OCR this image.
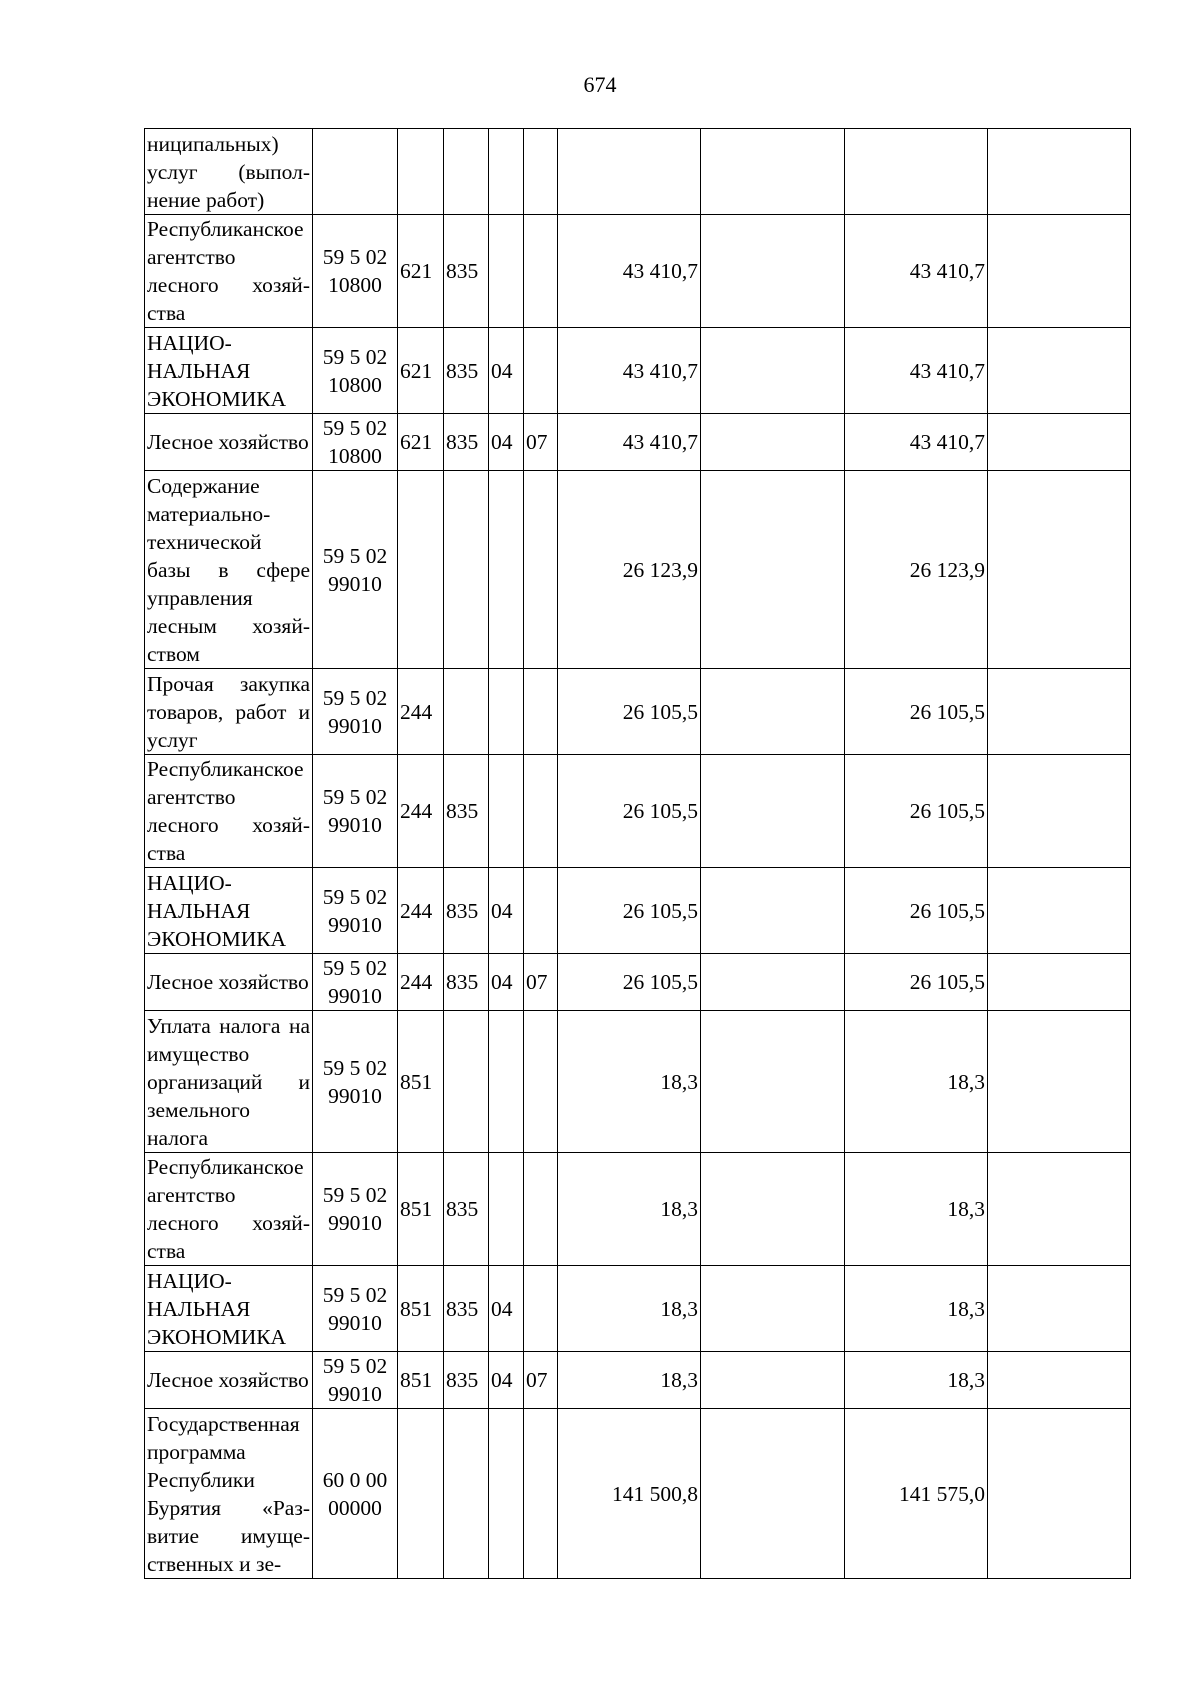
674
ниципальных) услуг (выполнение работ)									
Республиканское агентство лесного хозяйства	59 5 02 10800	621	835			43 410,7		43 410,7	
НАЦИОНАЛЬНАЯ ЭКОНОМИКА	59 5 02 10800	621	835	04		43 410,7		43 410,7	
Лесное хозяйство	59 5 02 10800	621	835	04	07	43 410,7		43 410,7	
Содержание материально-технической базы в сфере управления лесным хозяйством	59 5 02 99010					26 123,9		26 123,9	
Прочая закупка товаров, работ и услуг	59 5 02 99010	244				26 105,5		26 105,5	
Республиканское агентство лесного хозяйства	59 5 02 99010	244	835			26 105,5		26 105,5	
НАЦИОНАЛЬНАЯ ЭКОНОМИКА	59 5 02 99010	244	835	04		26 105,5		26 105,5	
Лесное хозяйство	59 5 02 99010	244	835	04	07	26 105,5		26 105,5	
Уплата налога на имущество организаций и земельного налога	59 5 02 99010	851				18,3		18,3	
Республиканское агентство лесного хозяйства	59 5 02 99010	851	835			18,3		18,3	
НАЦИОНАЛЬНАЯ ЭКОНОМИКА	59 5 02 99010	851	835	04		18,3		18,3	
Лесное хозяйство	59 5 02 99010	851	835	04	07	18,3		18,3	
Государственная программа Республики Бурятия «Развитие имущественных и зе-	60 0 00 00000					141 500,8		141 575,0	
